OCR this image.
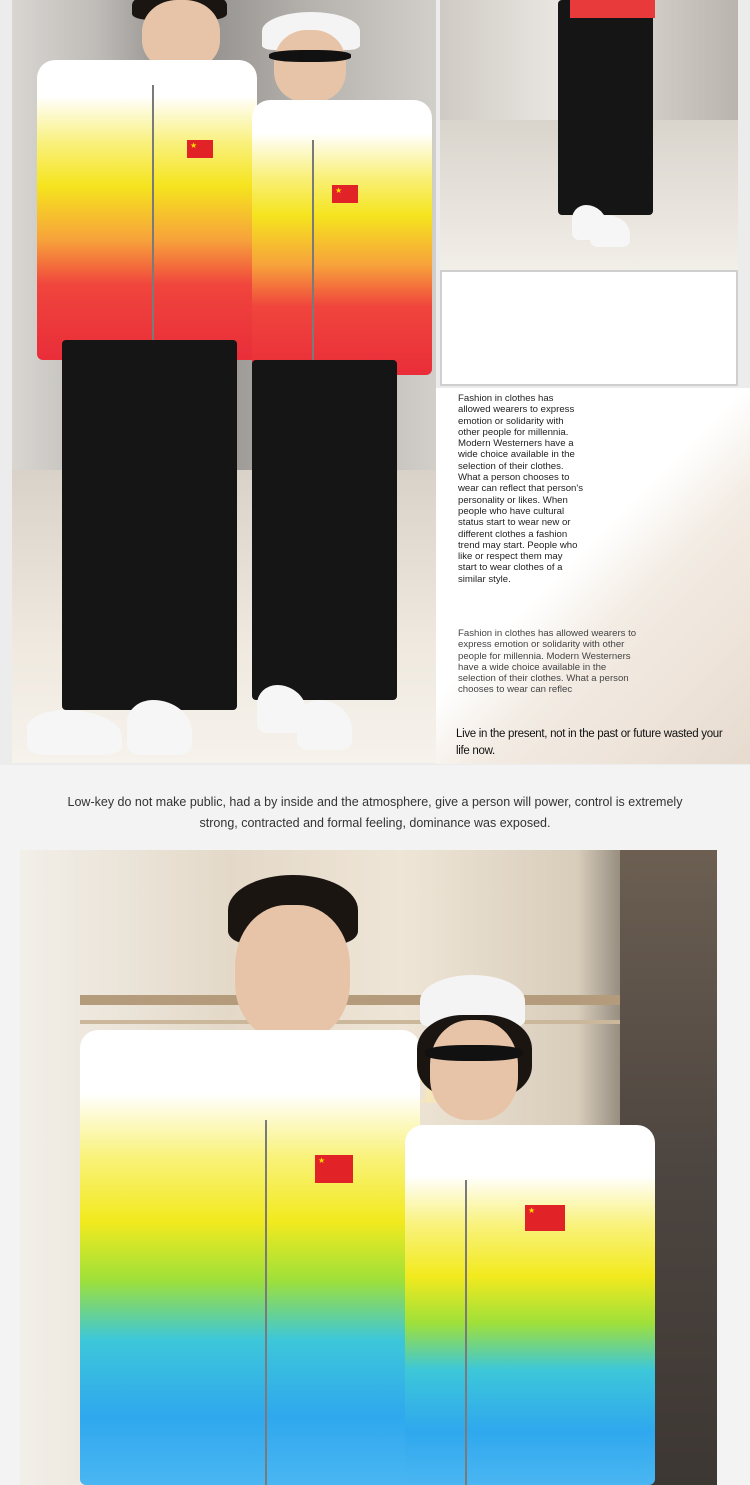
★
★
Fashion in clothes has allowed wearers to express emotion or solidarity with other people for millennia. Modern Westerners have a wide choice available in the selection of their clothes. What a person chooses to wear can reflect that person's personality or likes. When people who have cultural status start to wear new or different clothes a fashion trend may start. People who like or respect them may start to wear clothes of a similar style.
Fashion in clothes has allowed wearers to express emotion or solidarity with other people for millennia. Modern Westerners have a wide choice available in the selection of their clothes. What a person chooses to wear can reflec
Live in the present, not in the past or future wasted your life now.
Low-key do not make public, had a by inside and the atmosphere, give a person will power, control is extremely
strong, contracted and formal feeling, dominance was exposed.
★
★
